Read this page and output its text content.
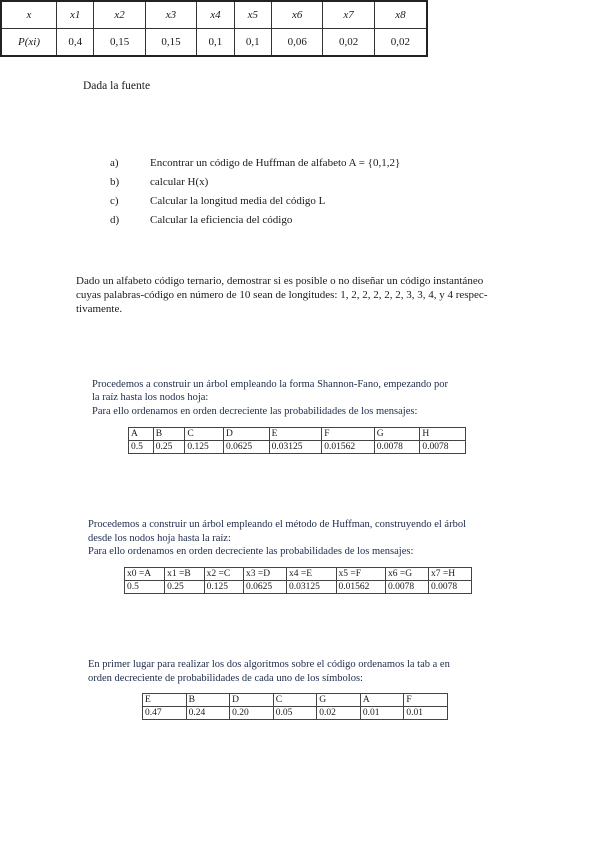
Dada la fuente
x	x1	x2	x3	x4	x5	x6	x7	x8
P(xi)	0,4	0,15	0,15	0,1	0,1	0,06	0,02	0,02
a)	Encontrar un código de Huffman de alfabeto A = {0,1,2}
b)	calcular H(x)
c)	Calcular la longitud media del código L
d)	Calcular la eficiencia del código
Dado un alfabeto código ternario, demostrar si es posible o no diseñar un código instantáneo
cuyas palabras-código en número de 10 sean de longitudes: 1, 2, 2, 2, 2, 2, 3, 3, 4, y 4 respec-
tivamente.
Procedemos a construir un árbol empleando la forma Shannon-Fano, empezando por
la raíz hasta los nodos hoja:
Para ello ordenamos en orden decreciente las probabilidades de los mensajes:
A	B	C	D	E	F	G	H
0.5	0.25	0.125	0.0625	0.03125	0.01562	0.0078	0.0078
Procedemos a construir un árbol empleando el método de Huffman, construyendo el árbol
desde los nodos hoja hasta la raíz:
Para ello ordenamos en orden decreciente las probabilidades de los mensajes:
x0 =A	x1 =B	x2 =C	x3 =D	x4 =E	x5 =F	x6 =G	x7 =H
0.5	0.25	0.125	0.0625	0.03125	0.01562	0.0078	0.0078
En primer lugar para realizar los dos algoritmos sobre el código ordenamos la tab a en
orden decreciente de probabilidades de cada uno de los símbolos:
E	B	D	C	G	A	F
0.47	0.24	0.20	0.05	0.02	0.01	0.01
